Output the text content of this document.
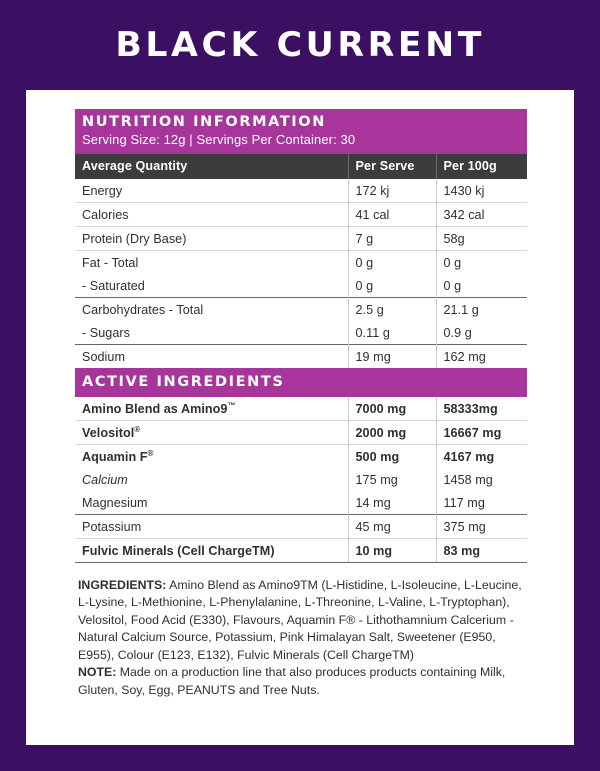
BLACK CURRENT
NUTRITION INFORMATION
Serving Size: 12g | Servings Per Container: 30		

Average Quantity	Per Serve	Per 100g
Energy	172 kj	1430 kj
Calories	41 cal	342 cal
Protein (Dry Base)	7 g	58g
Fat - Total	0 g	0 g
- Saturated	0 g	0 g
Carbohydrates - Total	2.5 g	21.1 g
- Sugars	0.11 g	0.9 g
Sodium	19 mg	162 mg

ACTIVE INGREDIENTS		

Amino Blend as Amino9™	7000 mg	58333mg
Velositol®	2000 mg	16667 mg
Aquamin F®	500 mg	4167 mg
Calcium	175 mg	1458 mg
Magnesium	14 mg	117 mg
Potassium	45 mg	375 mg
Fulvic Minerals (Cell ChargeTM)	10 mg	83 mg

INGREDIENTS: Amino Blend as Amino9TM (L-Histidine, L-Isoleucine, L-Leucine, L-Lysine, L-Methionine, L-Phenylalanine, L-Threonine, L-Valine, L-Tryptophan), Velositol, Food Acid (E330), Flavours, Aquamin F® - Lithothamnium Calcerium - Natural Calcium Source, Potassium, Pink Himalayan Salt, Sweetener (E950, E955), Colour (E123, E132), Fulvic Minerals (Cell ChargeTM)

NOTE: Made on a production line that also produces products containing Milk, Gluten, Soy, Egg, PEANUTS and Tree Nuts.
